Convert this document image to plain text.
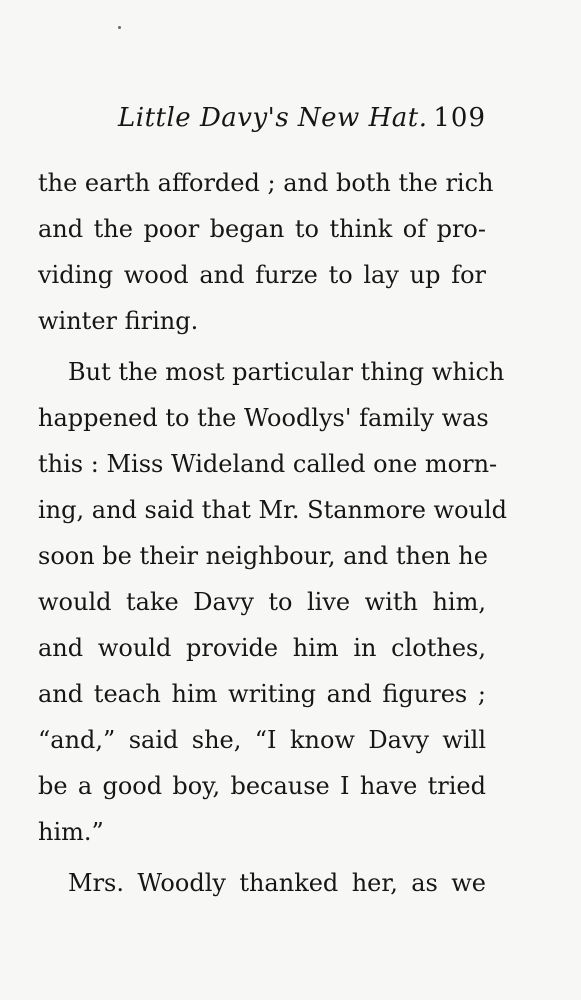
Little Davy's New Hat. 109
the earth afforded ; and both the rich
and the poor began to think of pro-
viding wood and furze to lay up for
winter firing.
But the most particular thing which
happened to the Woodlys' family was
this : Miss Wideland called one morn-
ing, and said that Mr. Stanmore would
soon be their neighbour, and then he
would take Davy to live with him,
and would provide him in clothes,
and teach him writing and figures ;
“and,” said she, “I know Davy will
be a good boy, because I have tried
him.”
Mrs. Woodly thanked her, as we
